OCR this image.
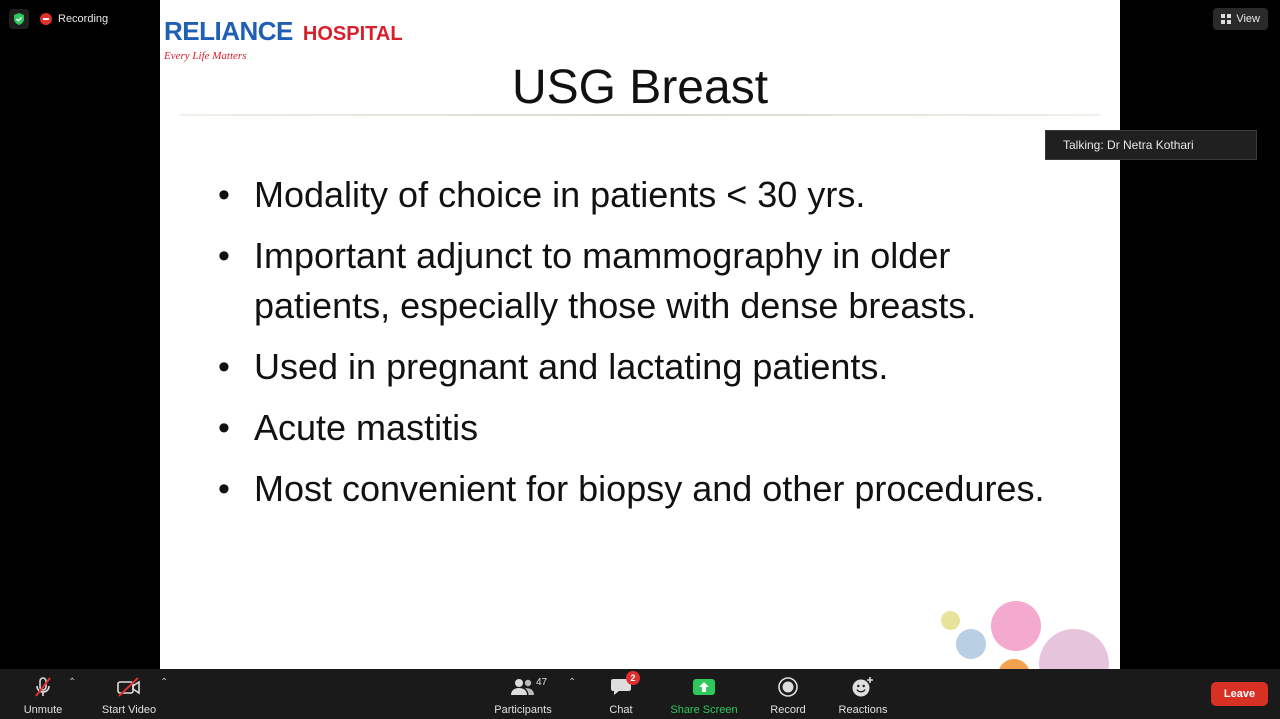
Recording	View
RELIANCE HOSPITAL
Every Life Matters
USG Breast
• Modality of choice in patients < 30 yrs.
• Important adjunct to mammography in older patients, especially those with dense breasts.
• Used in pregnant and lactating patients.
• Acute mastitis
• Most convenient for biopsy and other procedures.
Talking: Dr Netra Kothari
Unmute
⌃
Start Video
⌃	47
Participants
⌃	2
Chat	Share Screen	Record	Reactions
Leave
